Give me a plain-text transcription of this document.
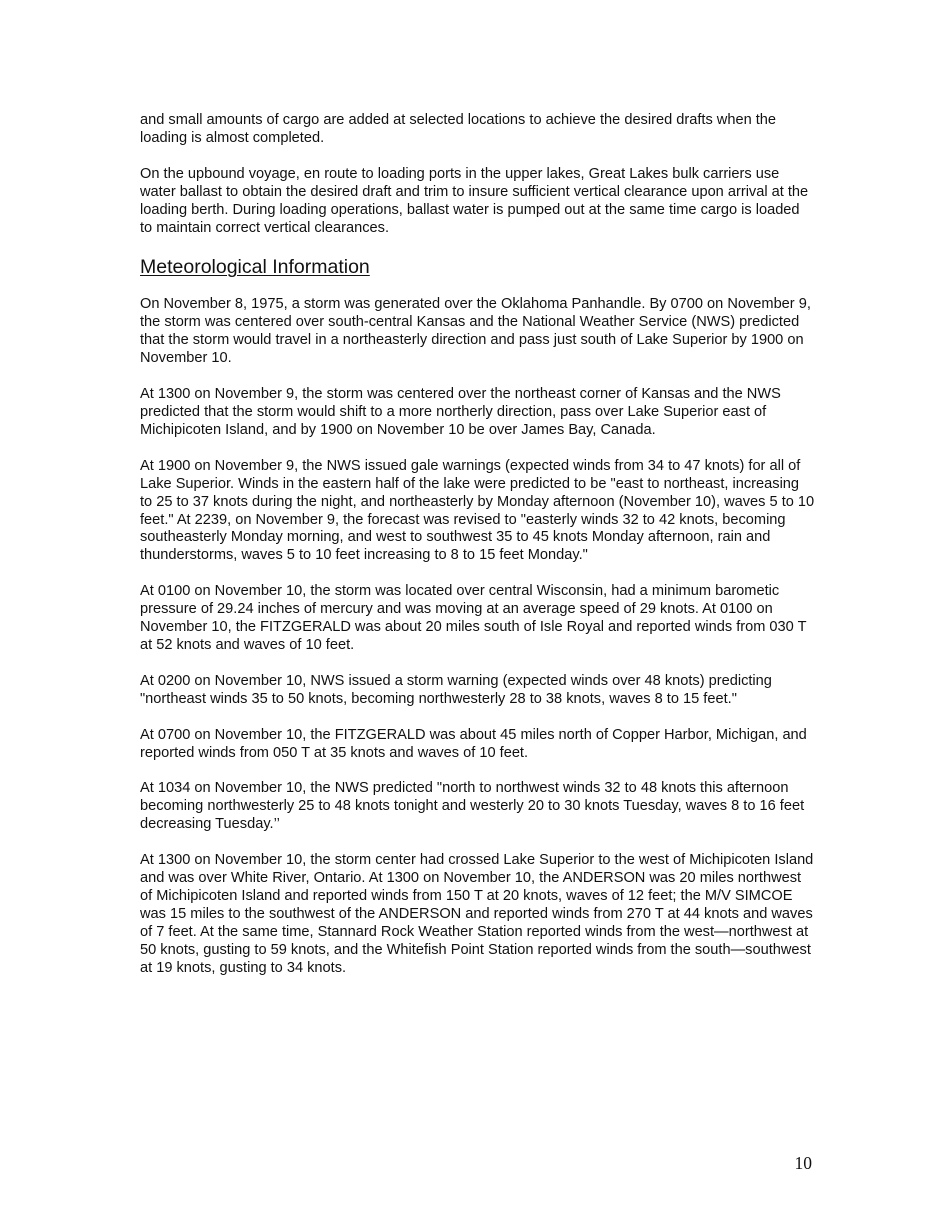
and small amounts of cargo are added at selected locations to achieve the desired drafts when the loading is almost completed.

On the upbound voyage, en route to loading ports in the upper lakes, Great Lakes bulk carriers use water ballast to obtain the desired draft and trim to insure sufficient vertical clearance upon arrival at the loading berth. During loading operations, ballast water is pumped out at the same time cargo is loaded to maintain correct vertical clearances.

Meteorological Information

On November 8, 1975, a storm was generated over the Oklahoma Panhandle. By 0700 on November 9, the storm was centered over south-central Kansas and the National Weather Service (NWS) predicted that the storm would travel in a northeasterly direction and pass just south of Lake Superior by 1900 on November 10.

At 1300 on November 9, the storm was centered over the northeast corner of Kansas and the NWS predicted that the storm would shift to a more northerly direction, pass over Lake Superior east of Michipicoten Island, and by 1900 on November 10 be over James Bay, Canada.

At 1900 on November 9, the NWS issued gale warnings (expected winds from 34 to 47 knots) for all of Lake Superior. Winds in the eastern half of the lake were predicted to be "east to northeast, increasing to 25 to 37 knots during the night, and northeasterly by Monday afternoon (November 10), waves 5 to 10 feet." At 2239, on November 9, the forecast was revised to "easterly winds 32 to 42 knots, becoming southeasterly Monday morning, and west to southwest 35 to 45 knots Monday afternoon, rain and thunderstorms, waves 5 to 10 feet increasing to 8 to 15 feet Monday."

At 0100 on November 10, the storm was located over central Wisconsin, had a minimum barometic pressure of 29.24 inches of mercury and was moving at an average speed of 29 knots. At 0100 on November 10, the FITZGERALD was about 20 miles south of Isle Royal and reported winds from 030 T at 52 knots and waves of 10 feet.

At 0200 on November 10, NWS issued a storm warning (expected winds over 48 knots) predicting "northeast winds 35 to 50 knots, becoming northwesterly 28 to 38 knots, waves 8 to 15 feet."

At 0700 on November 10, the FITZGERALD was about 45 miles north of Copper Harbor, Michigan, and reported winds from 050 T at 35 knots and waves of 10 feet.

At 1034 on November 10, the NWS predicted "north to northwest winds 32 to 48 knots this afternoon becoming northwesterly 25 to 48 knots tonight and westerly 20 to 30 knots Tuesday, waves 8 to 16 feet decreasing Tuesday.’’

At 1300 on November 10, the storm center had crossed Lake Superior to the west of Michipicoten Island and was over White River, Ontario. At 1300 on November 10, the ANDERSON was 20 miles northwest of Michipicoten Island and reported winds from 150 T at 20 knots, waves of 12 feet; the M/V SIMCOE was 15 miles to the southwest of the ANDERSON and reported winds from 270 T at 44 knots and waves of 7 feet. At the same time, Stannard Rock Weather Station reported winds from the west—northwest at 50 knots, gusting to 59 knots, and the Whitefish Point Station reported winds from the south—southwest at 19 knots, gusting to 34 knots.

10
